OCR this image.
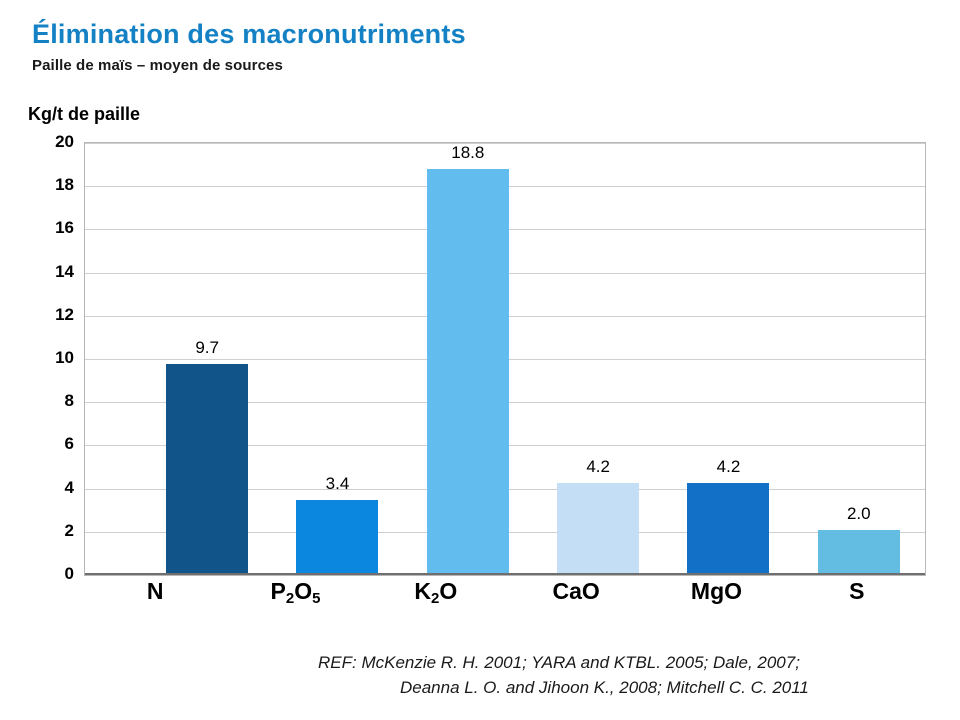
Élimination des macronutriments
Paille de maïs – moyen de sources
Kg/t de paille
0
2
4
6
8
10
12
14
16
18
20
9.7
3.4
18.8
4.2	4.2
2.0
N	$P_2O_5$	$K_2O$	CaO	MgO	S
REF: McKenzie R. H. 2001; YARA and KTBL. 2005; Dale, 2007;
Deanna L. O. and Jihoon K., 2008; Mitchell C. C. 2011
